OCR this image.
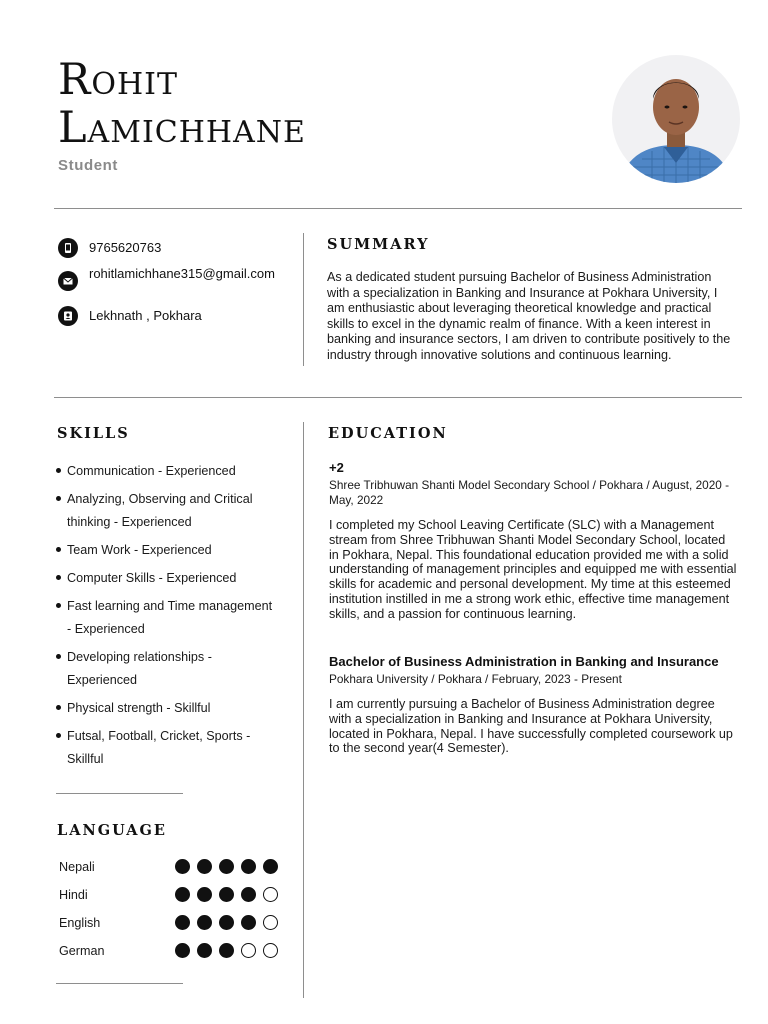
Rohit
Lamichhane
Student
9765620763
rohitlamichhane315@gmail.com
Lekhnath , Pokhara
SUMMARY
As a dedicated student pursuing Bachelor of Business Administration with a specialization in Banking and Insurance at Pokhara University, I am enthusiastic about leveraging theoretical knowledge and practical skills to excel in the dynamic realm of finance. With a keen interest in banking and insurance sectors, I am driven to contribute positively to the industry through innovative solutions and continuous learning.
SKILLS
Communication - Experienced
Analyzing, Observing and Critical thinking - Experienced
Team Work - Experienced
Computer Skills - Experienced
Fast learning and Time management - Experienced
Developing relationships - Experienced
Physical strength - Skillful
Futsal, Football, Cricket, Sports - Skillful
LANGUAGE
Nepali
Hindi
English
German
EDUCATION
+2
Shree Tribhuwan Shanti Model Secondary School / Pokhara / August, 2020 - May, 2022
I completed my School Leaving Certificate (SLC) with a Management stream from Shree Tribhuwan Shanti Model Secondary School, located in Pokhara, Nepal. This foundational education provided me with a solid understanding of management principles and equipped me with essential skills for academic and personal development. My time at this esteemed institution instilled in me a strong work ethic, effective time management skills, and a passion for continuous learning.
Bachelor of Business Administration in Banking and Insurance
Pokhara University / Pokhara / February, 2023 - Present
I am currently pursuing a Bachelor of Business Administration degree with a specialization in Banking and Insurance at Pokhara University, located in Pokhara, Nepal. I have successfully completed coursework up to the second year(4 Semester).
